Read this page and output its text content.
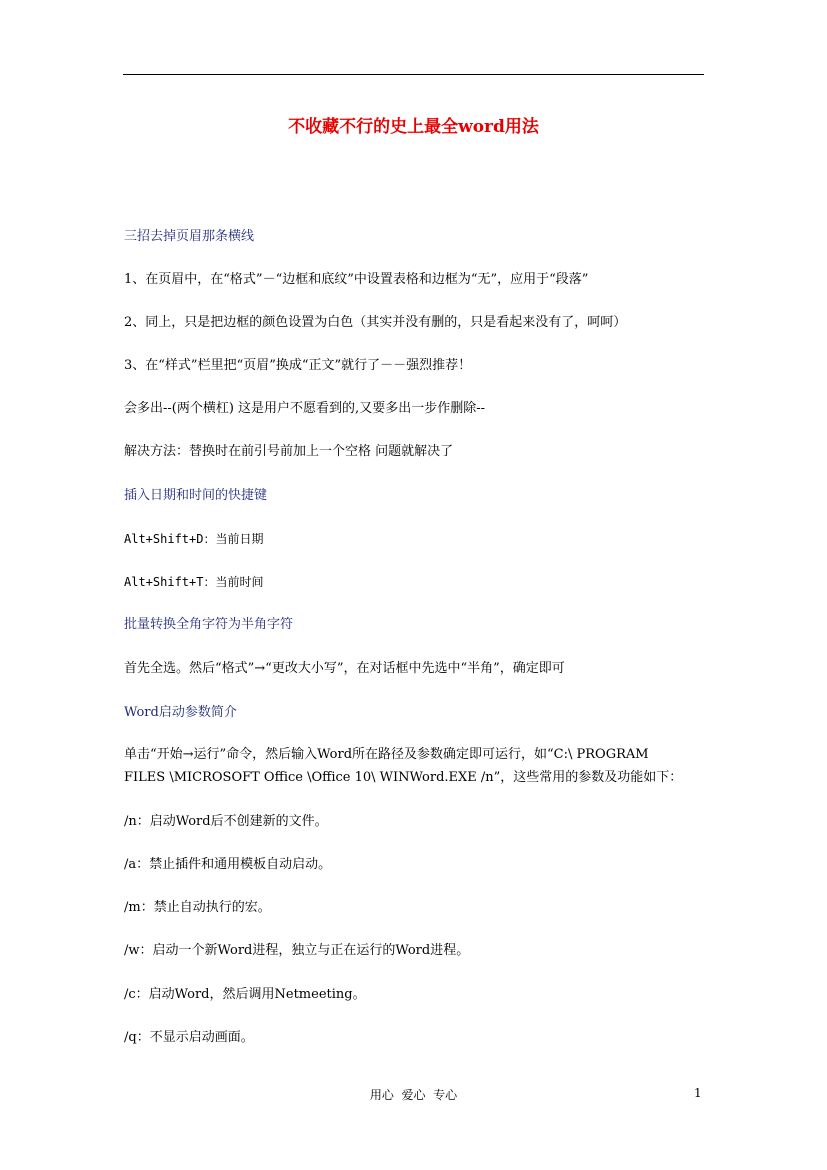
不收藏不行的史上最全word用法
三招去掉页眉那条横线
1、在页眉中，在“格式”－“边框和底纹”中设置表格和边框为“无”，应用于“段落”
2、同上，只是把边框的颜色设置为白色（其实并没有删的，只是看起来没有了，呵呵）
3、在“样式”栏里把“页眉”换成“正文”就行了－－强烈推荐！
会多出--(两个横杠) 这是用户不愿看到的,又要多出一步作删除--
解决方法：替换时在前引号前加上一个空格 问题就解决了
插入日期和时间的快捷键
Alt+Shift+D：当前日期
Alt+Shift+T：当前时间
批量转换全角字符为半角字符
首先全选。然后“格式”→“更改大小写”，在对话框中先选中“半角”，确定即可
Word启动参数简介
单击“开始→运行”命令，然后输入Word所在路径及参数确定即可运行，如“C:\ PROGRAM
FILES \MICROSOFT Office \Office 10\ WINWord.EXE /n”，这些常用的参数及功能如下：
/n：启动Word后不创建新的文件。
/a：禁止插件和通用模板自动启动。
/m：禁止自动执行的宏。
/w：启动一个新Word进程，独立与正在运行的Word进程。
/c：启动Word，然后调用Netmeeting。
/q：不显示启动画面。
用心  爱心  专心	1
